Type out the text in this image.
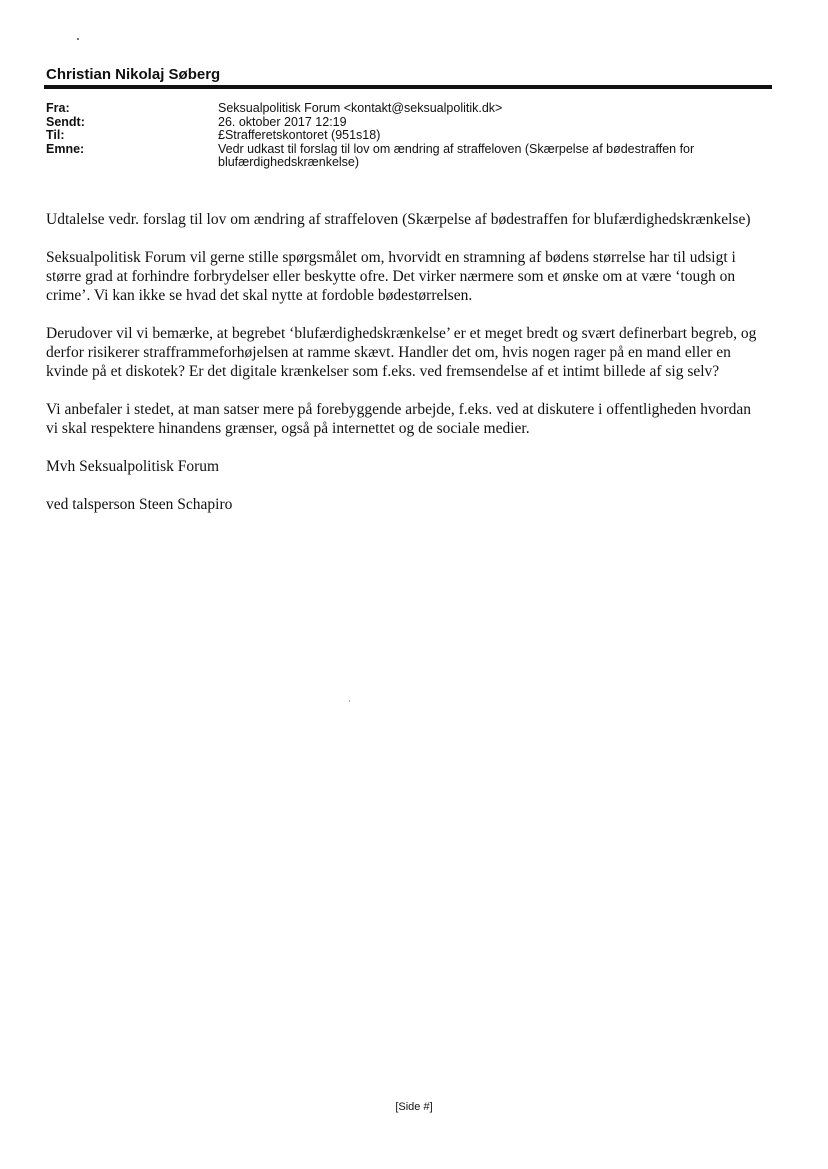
Christian Nikolaj Søberg
Fra:	Seksualpolitisk Forum <kontakt@seksualpolitik.dk>
Sendt:	26. oktober 2017 12:19
Til:	£Strafferetskontoret (951s18)
Emne:	Vedr udkast til forslag til lov om ændring af straffeloven (Skærpelse af bødestraffen for blufærdighedskrænkelse)

Udtalelse vedr. forslag til lov om ændring af straffeloven (Skærpelse af bødestraffen for blufærdighedskrænkelse)

Seksualpolitisk Forum vil gerne stille spørgsmålet om, hvorvidt en stramning af bødens størrelse har til udsigt i større grad at forhindre forbrydelser eller beskytte ofre. Det virker nærmere som et ønske om at være ‘tough on crime’. Vi kan ikke se hvad det skal nytte at fordoble bødestørrelsen.

Derudover vil vi bemærke, at begrebet ‘blufærdighedskrænkelse’ er et meget bredt og svært definerbart begreb, og derfor risikerer strafframmeforhøjelsen at ramme skævt. Handler det om, hvis nogen rager på en mand eller en kvinde på et diskotek? Er det digitale krænkelser som f.eks. ved fremsendelse af et intimt billede af sig selv?

Vi anbefaler i stedet, at man satser mere på forebyggende arbejde, f.eks. ved at diskutere i offentligheden hvordan vi skal respektere hinandens grænser, også på internettet og de sociale medier.

Mvh Seksualpolitisk Forum

ved talsperson Steen Schapiro

[Side #]
